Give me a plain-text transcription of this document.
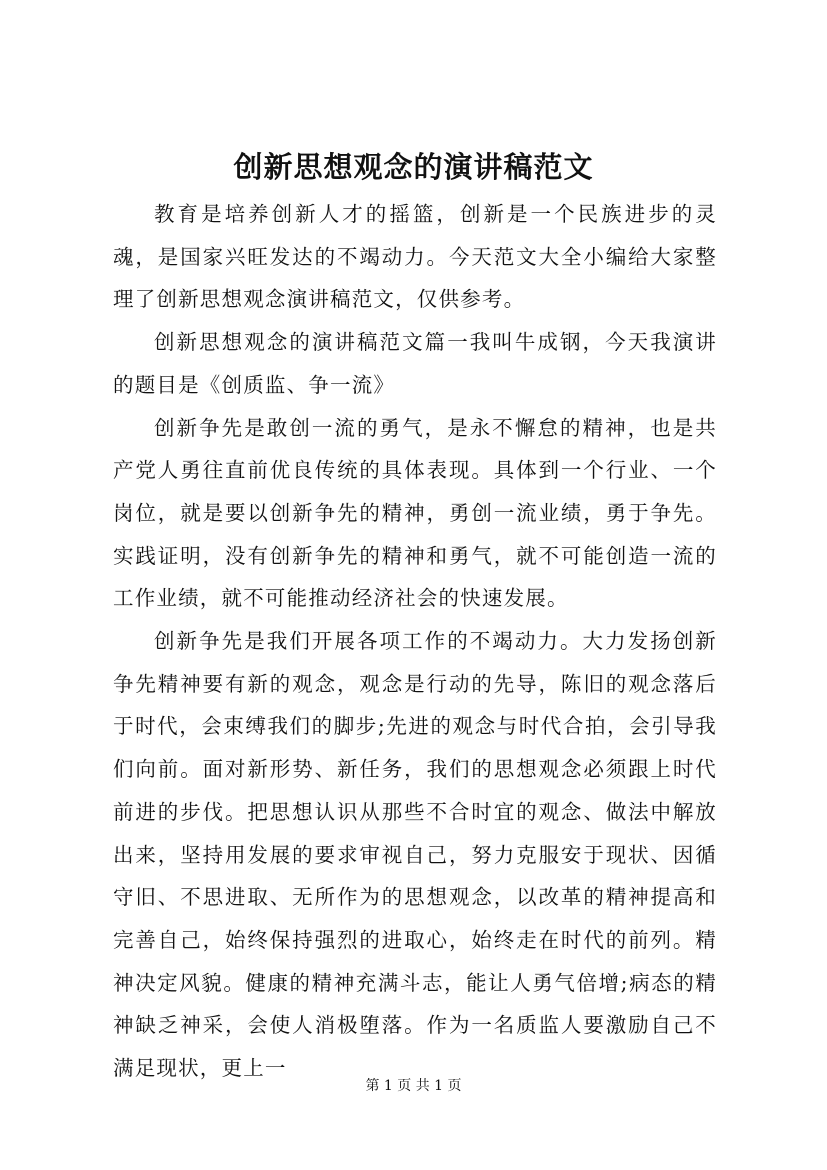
创新思想观念的演讲稿范文

教育是培养创新人才的摇篮，创新是一个民族进步的灵魂，是国家兴旺发达的不竭动力。今天范文大全小编给大家整理了创新思想观念演讲稿范文，仅供参考。

创新思想观念的演讲稿范文篇一我叫牛成钢，今天我演讲的题目是《创质监、争一流》

创新争先是敢创一流的勇气，是永不懈怠的精神，也是共产党人勇往直前优良传统的具体表现。具体到一个行业、一个岗位，就是要以创新争先的精神，勇创一流业绩，勇于争先。实践证明，没有创新争先的精神和勇气，就不可能创造一流的工作业绩，就不可能推动经济社会的快速发展。

创新争先是我们开展各项工作的不竭动力。大力发扬创新争先精神要有新的观念，观念是行动的先导，陈旧的观念落后于时代，会束缚我们的脚步;先进的观念与时代合拍，会引导我们向前。面对新形势、新任务，我们的思想观念必须跟上时代前进的步伐。把思想认识从那些不合时宜的观念、做法中解放出来，坚持用发展的要求审视自己，努力克服安于现状、因循守旧、不思进取、无所作为的思想观念，以改革的精神提高和完善自己，始终保持强烈的进取心，始终走在时代的前列。精神决定风貌。健康的精神充满斗志，能让人勇气倍增;病态的精神缺乏神采，会使人消极堕落。作为一名质监人要激励自己不满足现状，更上一

第 1 页 共 1 页
